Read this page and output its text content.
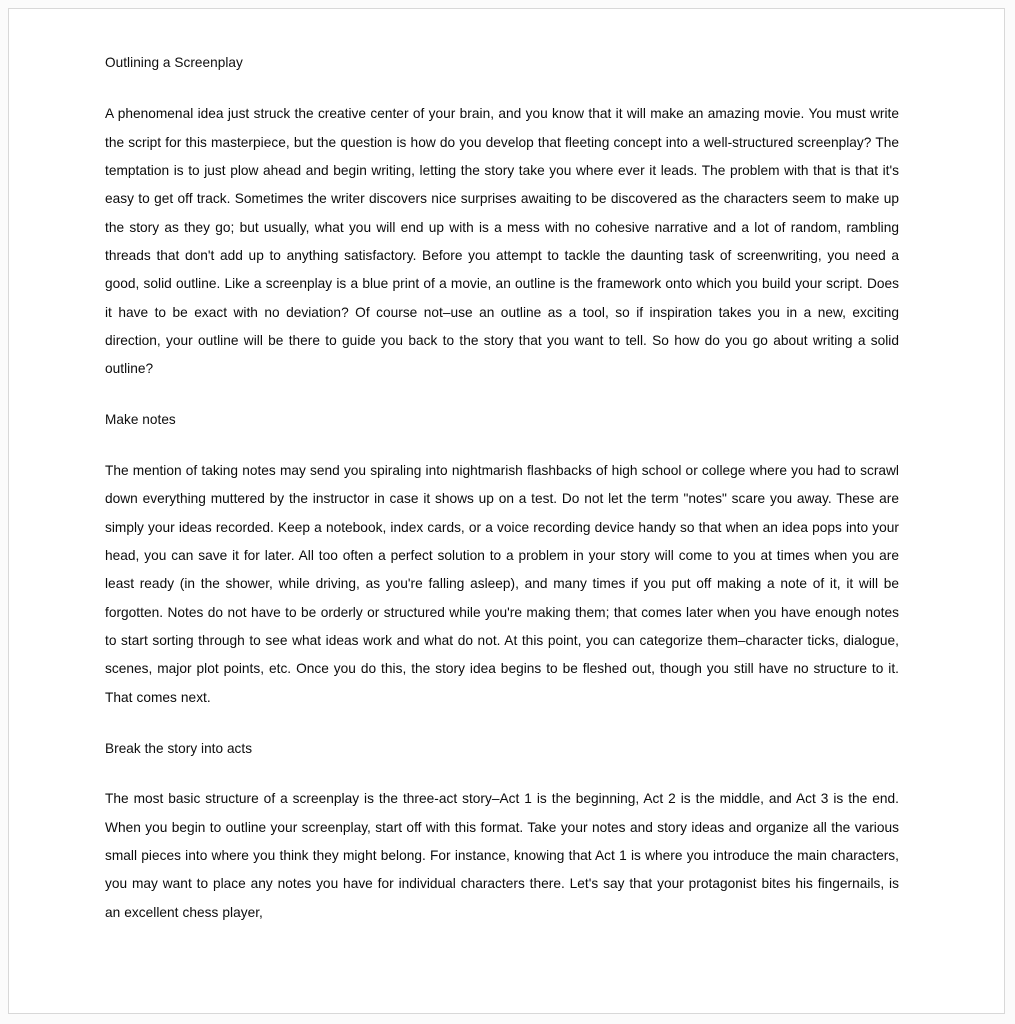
Outlining a Screenplay

A phenomenal idea just struck the creative center of your brain, and you know that it will make an amazing movie. You must write the script for this masterpiece, but the question is how do you develop that fleeting concept into a well-structured screenplay? The temptation is to just plow ahead and begin writing, letting the story take you where ever it leads. The problem with that is that it's easy to get off track. Sometimes the writer discovers nice surprises awaiting to be discovered as the characters seem to make up the story as they go; but usually, what you will end up with is a mess with no cohesive narrative and a lot of random, rambling threads that don't add up to anything satisfactory. Before you attempt to tackle the daunting task of screenwriting, you need a good, solid outline. Like a screenplay is a blue print of a movie, an outline is the framework onto which you build your script. Does it have to be exact with no deviation? Of course not–use an outline as a tool, so if inspiration takes you in a new, exciting direction, your outline will be there to guide you back to the story that you want to tell. So how do you go about writing a solid outline?

Make notes

The mention of taking notes may send you spiraling into nightmarish flashbacks of high school or college where you had to scrawl down everything muttered by the instructor in case it shows up on a test. Do not let the term "notes" scare you away. These are simply your ideas recorded. Keep a notebook, index cards, or a voice recording device handy so that when an idea pops into your head, you can save it for later. All too often a perfect solution to a problem in your story will come to you at times when you are least ready (in the shower, while driving, as you're falling asleep), and many times if you put off making a note of it, it will be forgotten. Notes do not have to be orderly or structured while you're making them; that comes later when you have enough notes to start sorting through to see what ideas work and what do not. At this point, you can categorize them–character ticks, dialogue, scenes, major plot points, etc. Once you do this, the story idea begins to be fleshed out, though you still have no structure to it. That comes next.

Break the story into acts

The most basic structure of a screenplay is the three-act story–Act 1 is the beginning, Act 2 is the middle, and Act 3 is the end. When you begin to outline your screenplay, start off with this format. Take your notes and story ideas and organize all the various small pieces into where you think they might belong. For instance, knowing that Act 1 is where you introduce the main characters, you may want to place any notes you have for individual characters there. Let's say that your protagonist bites his fingernails, is an excellent chess player,
